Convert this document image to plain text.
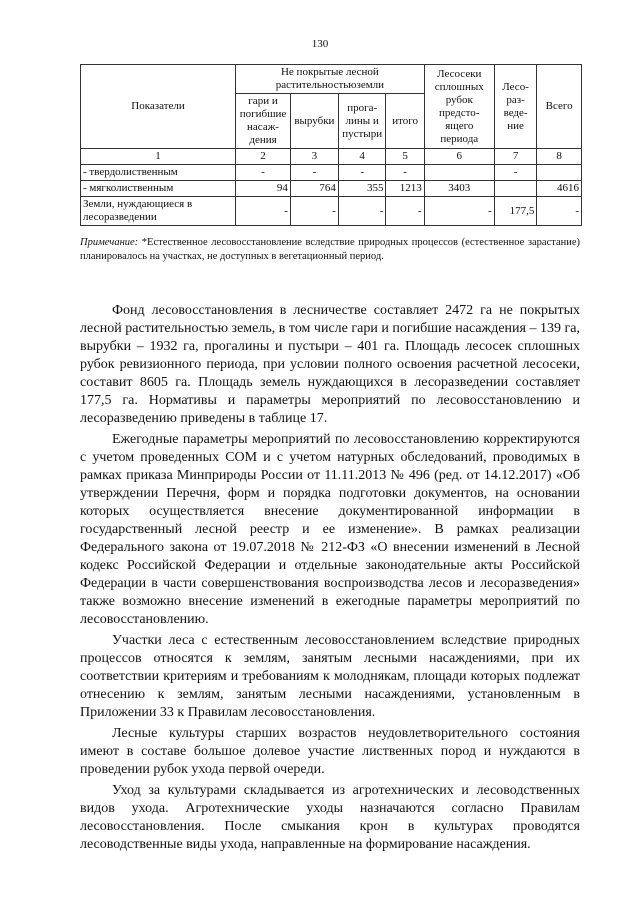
130
Показатели	Не покрытые лесной растительностьюземли				Лесосеки сплошных рубок предсто-ящего периода	Лесо-раз-веде-ние	Всего
	гари и погибшие насаж-дения	вырубки	прога-лины и пустыри	итого			
1	2	3	4	5	6	7	8
- твердолиственным	-	-	-	-		-	
- мягколиственным	94	764	355	1213	3403		4616
Земли, нуждающиеся в лесоразведении	-	-	-	-	-	177,5	-
Примечание: *Естественное лесовосстановление вследствие природных процессов (естественное зарастание) планировалось на участках, не доступных в вегетационный период.

Фонд лесовосстановления в лесничестве составляет 2472 га не покрытых лесной растительностью земель, в том числе гари и погибшие насаждения – 139 га, вырубки – 1932 га, прогалины и пустыри – 401 га. Площадь лесосек сплошных рубок ревизионного периода, при условии полного освоения расчетной лесосеки, составит 8605 га. Площадь земель нуждающихся в лесоразведении составляет 177,5 га. Нормативы и параметры мероприятий по лесовосстановлению и лесоразведению приведены в таблице 17.

Ежегодные параметры мероприятий по лесовосстановлению корректируются с учетом проведенных СОМ и с учетом натурных обследований, проводимых в рамках приказа Минприроды России от 11.11.2013 № 496 (ред. от 14.12.2017) «Об утверждении Перечня, форм и порядка подготовки документов, на основании которых осуществляется внесение документированной информации в государственный лесной реестр и ее изменение». В рамках реализации Федерального закона от 19.07.2018 № 212-ФЗ «О внесении изменений в Лесной кодекс Российской Федерации и отдельные законодательные акты Российской Федерации в части совершенствования воспроизводства лесов и лесоразведения» также возможно внесение изменений в ежегодные параметры мероприятий по лесовосстановлению.

Участки леса с естественным лесовосстановлением вследствие природных процессов относятся к землям, занятым лесными насаждениями, при их соответствии критериям и требованиям к молоднякам, площади которых подлежат отнесению к землям, занятым лесными насаждениями, установленным в Приложении 33 к Правилам лесовосстановления.

Лесные культуры старших возрастов неудовлетворительного состояния имеют в составе большое долевое участие лиственных пород и нуждаются в проведении рубок ухода первой очереди.

Уход за культурами складывается из агротехнических и лесоводственных видов ухода. Агротехнические уходы назначаются согласно Правилам лесовосстановления. После смыкания крон в культурах проводятся лесоводственные виды ухода, направленные на формирование насаждения.
